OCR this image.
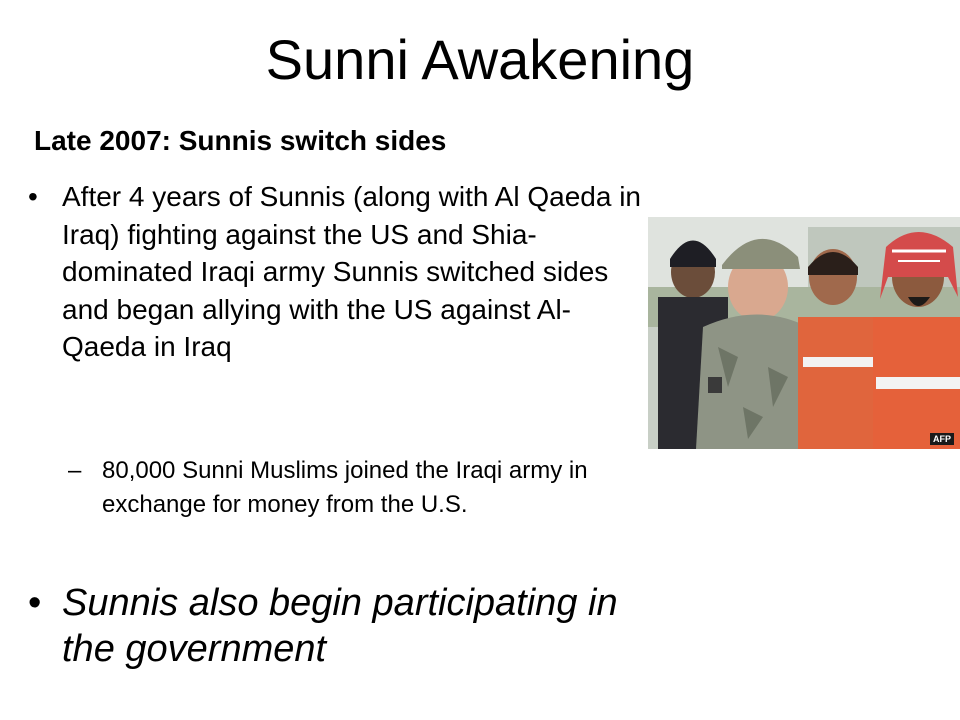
Sunni Awakening
Late 2007: Sunnis switch sides
• After 4 years of Sunnis (along with Al Qaeda in Iraq) fighting against the US and Shia-dominated Iraqi army Sunnis switched sides and began allying with the US against Al-Qaeda in Iraq
– 80,000 Sunni Muslims joined the Iraqi army in exchange for money from the U.S.
• Sunnis also begin participating in the government
AFP
